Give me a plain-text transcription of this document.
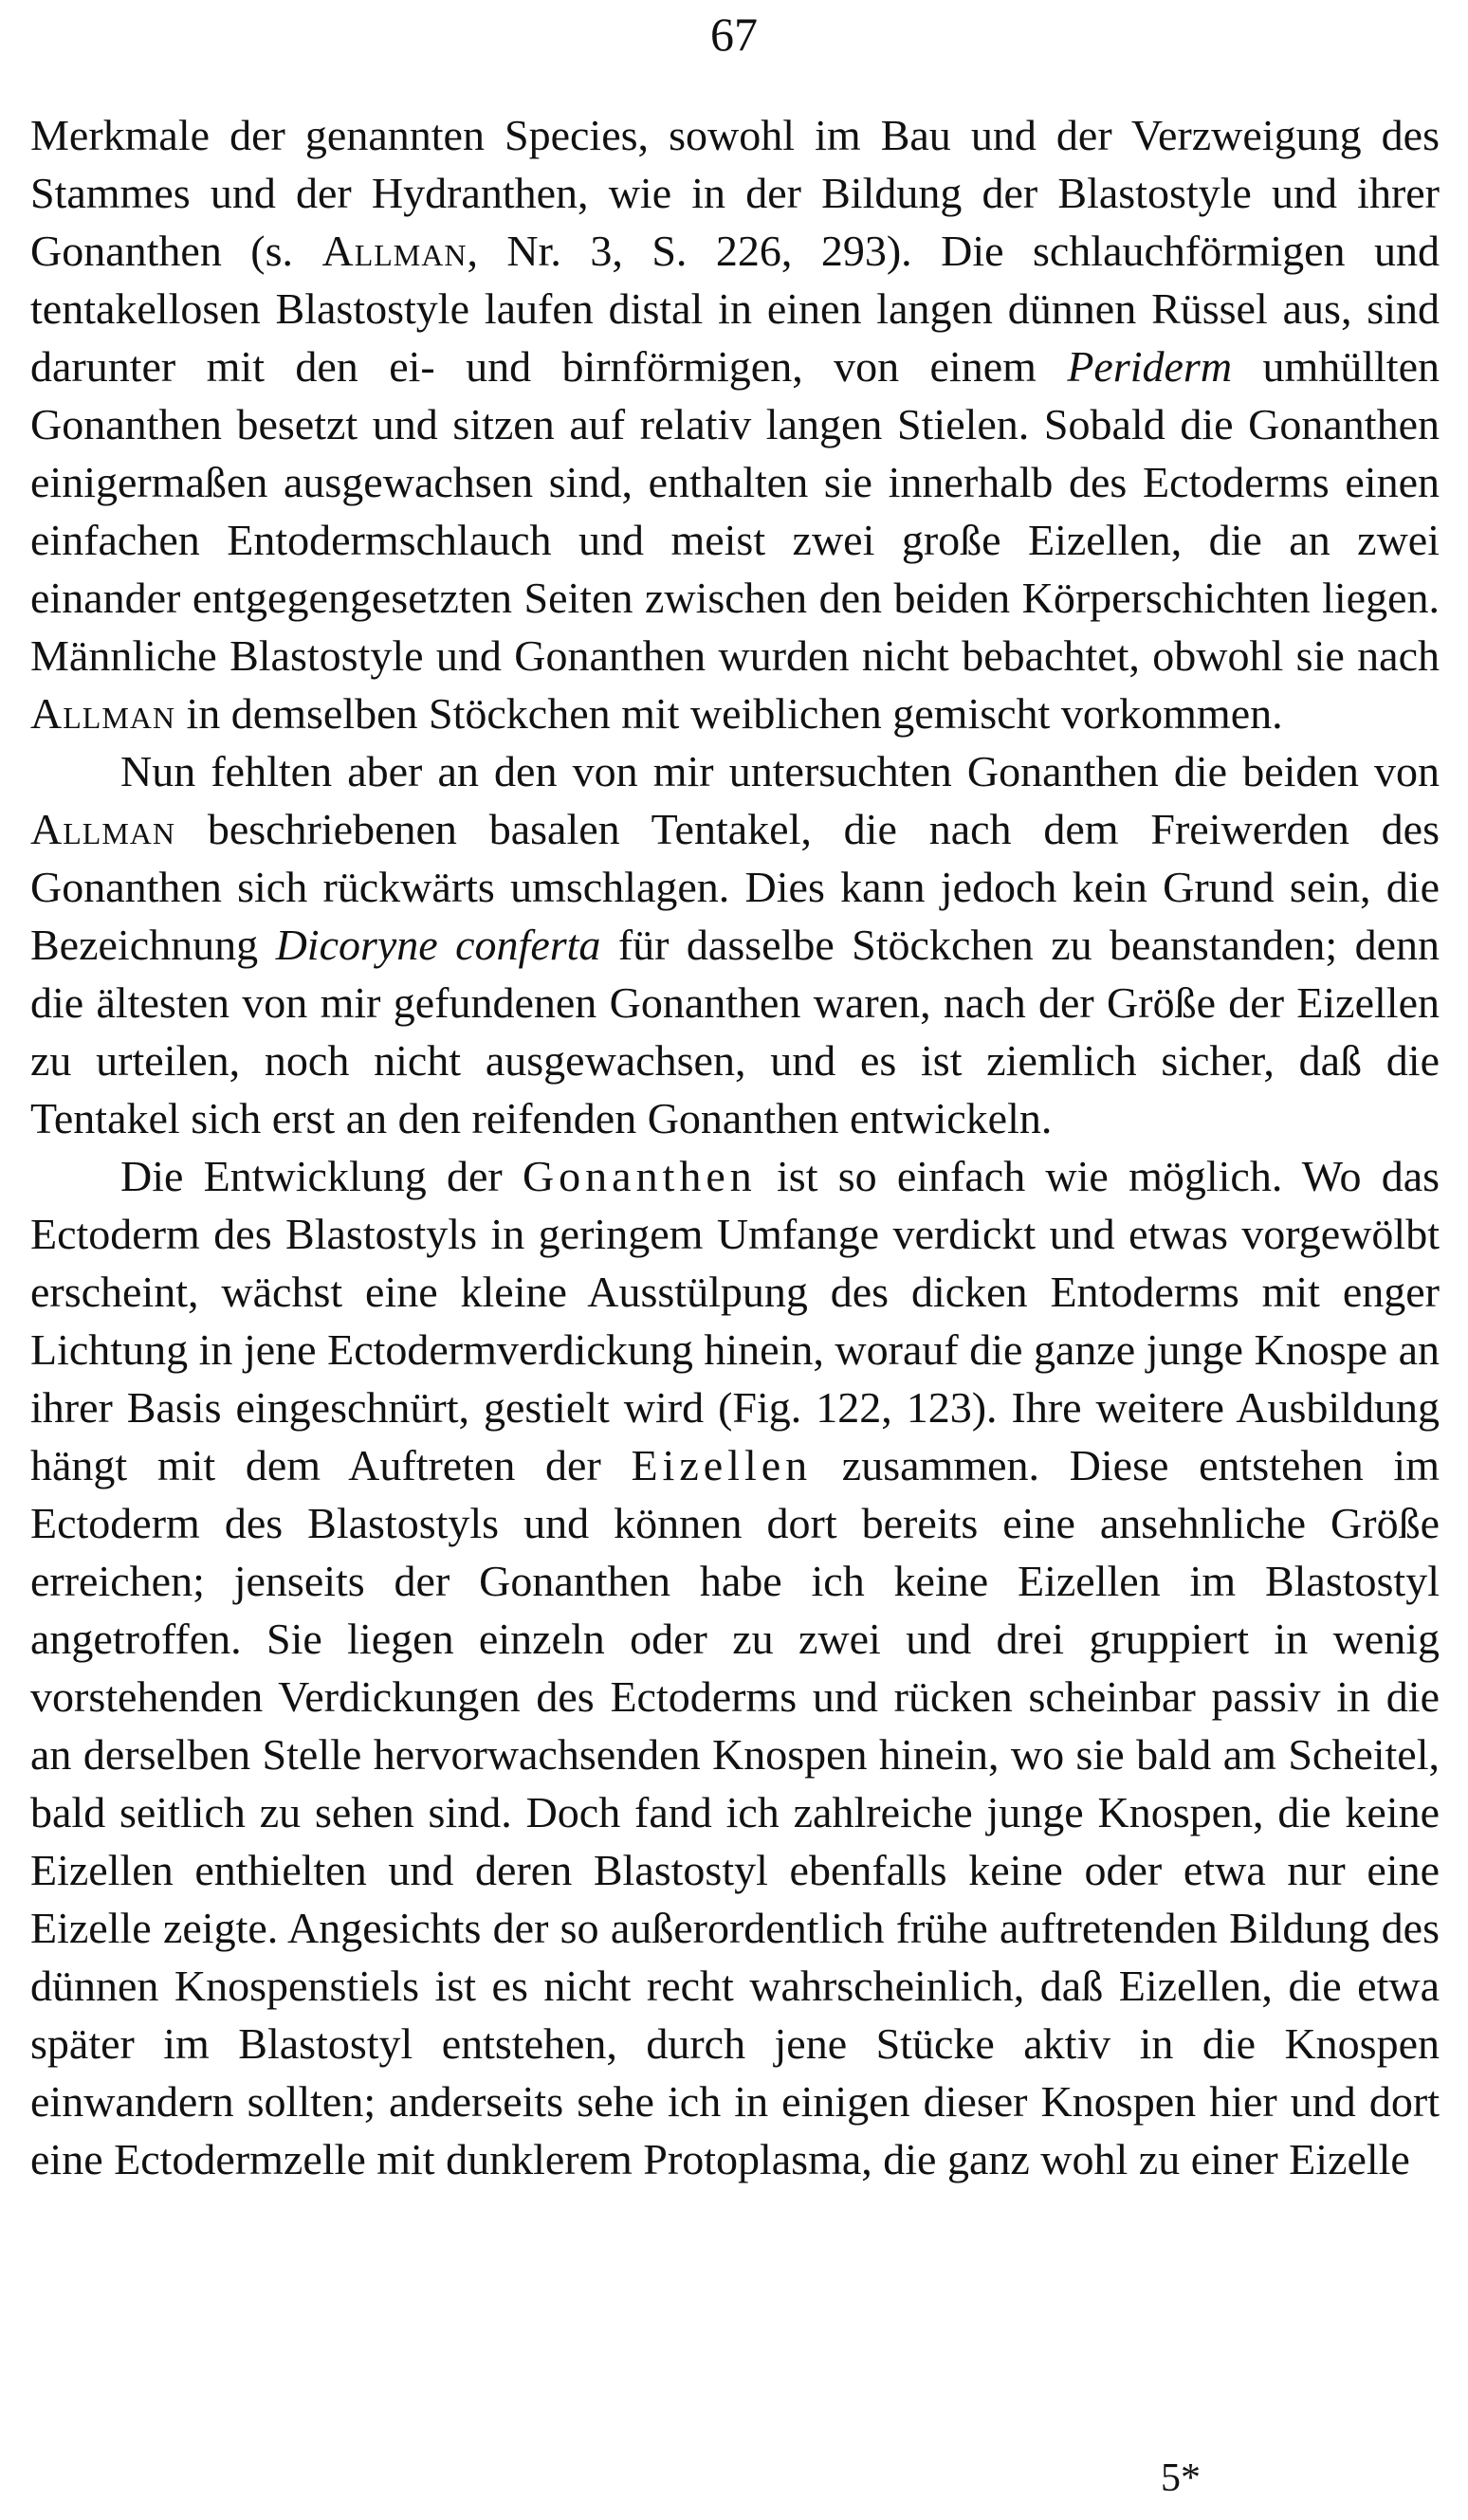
67

Merkmale der genannten Species, sowohl im Bau und der Verzweigung des Stammes und der Hydranthen, wie in der Bildung der Blastostyle und ihrer Gonanthen (s. Allman, Nr. 3, S. 226, 293). Die schlauchförmigen und tentakellosen Blastostyle laufen distal in einen langen dünnen Rüssel aus, sind darunter mit den ei- und birnförmigen, von einem Periderm umhüllten Gonanthen besetzt und sitzen auf relativ langen Stielen. Sobald die Gonanthen einigermaßen ausgewachsen sind, enthalten sie innerhalb des Ectoderms einen einfachen Entodermschlauch und meist zwei große Eizellen, die an zwei einander entgegengesetzten Seiten zwischen den beiden Körperschichten liegen. Männliche Blastostyle und Gonanthen wurden nicht bebachtet, obwohl sie nach Allman in demselben Stöckchen mit weiblichen gemischt vorkommen.

Nun fehlten aber an den von mir untersuchten Gonanthen die beiden von Allman beschriebenen basalen Tentakel, die nach dem Freiwerden des Gonanthen sich rückwärts umschlagen. Dies kann jedoch kein Grund sein, die Bezeichnung Dicoryne conferta für dasselbe Stöckchen zu beanstanden; denn die ältesten von mir gefundenen Gonanthen waren, nach der Größe der Eizellen zu urteilen, noch nicht ausgewachsen, und es ist ziemlich sicher, daß die Tentakel sich erst an den reifenden Gonanthen entwickeln.

Die Entwicklung der Gonanthen ist so einfach wie möglich. Wo das Ectoderm des Blastostyls in geringem Umfange verdickt und etwas vorgewölbt erscheint, wächst eine kleine Ausstülpung des dicken Entoderms mit enger Lichtung in jene Ectodermverdickung hinein, worauf die ganze junge Knospe an ihrer Basis eingeschnürt, gestielt wird (Fig. 122, 123). Ihre weitere Ausbildung hängt mit dem Auftreten der Eizellen zusammen. Diese entstehen im Ectoderm des Blastostyls und können dort bereits eine ansehnliche Größe erreichen; jenseits der Gonanthen habe ich keine Eizellen im Blastostyl angetroffen. Sie liegen einzeln oder zu zwei und drei gruppiert in wenig vorstehenden Verdickungen des Ectoderms und rücken scheinbar passiv in die an derselben Stelle hervorwachsenden Knospen hinein, wo sie bald am Scheitel, bald seitlich zu sehen sind. Doch fand ich zahlreiche junge Knospen, die keine Eizellen enthielten und deren Blastostyl ebenfalls keine oder etwa nur eine Eizelle zeigte. Angesichts der so außerordentlich frühe auftretenden Bildung des dünnen Knospenstiels ist es nicht recht wahrscheinlich, daß Eizellen, die etwa später im Blastostyl entstehen, durch jene Stücke aktiv in die Knospen einwandern sollten; anderseits sehe ich in einigen dieser Knospen hier und dort eine Ectodermzelle mit dunklerem Protoplasma, die ganz wohl zu einer Eizelle

5*
